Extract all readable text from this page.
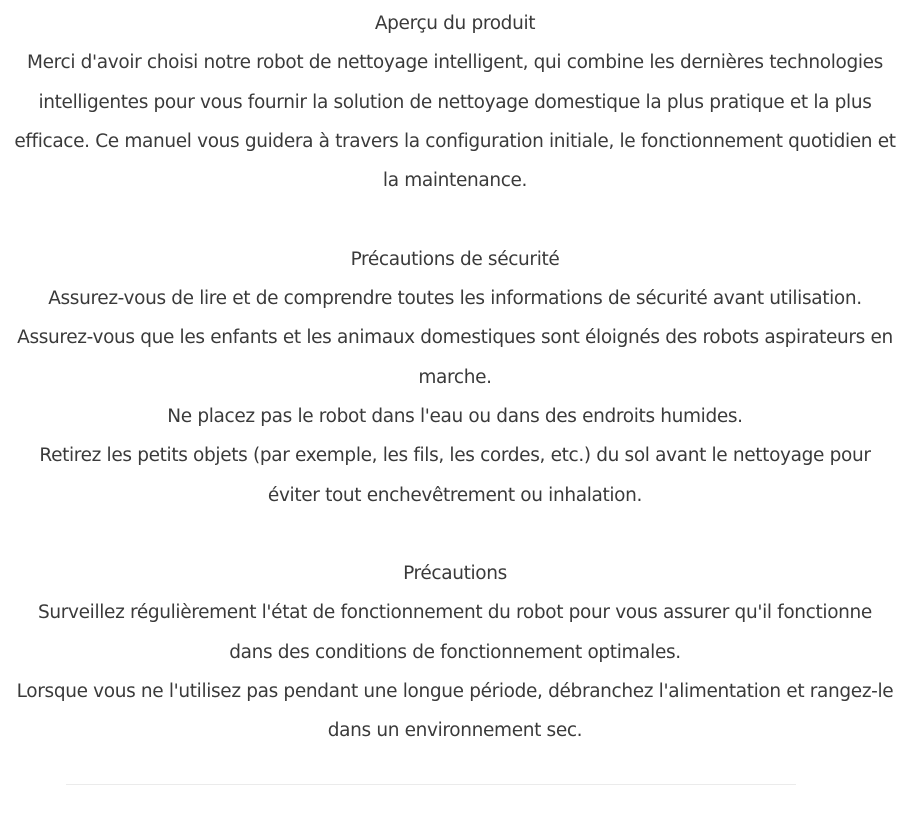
Aperçu du produit

Merci d'avoir choisi notre robot de nettoyage intelligent, qui combine les dernières technologies intelligentes pour vous fournir la solution de nettoyage domestique la plus pratique et la plus efficace. Ce manuel vous guidera à travers la configuration initiale, le fonctionnement quotidien et la maintenance.

Précautions de sécurité

Assurez-vous de lire et de comprendre toutes les informations de sécurité avant utilisation.

Assurez-vous que les enfants et les animaux domestiques sont éloignés des robots aspirateurs en marche.

Ne placez pas le robot dans l'eau ou dans des endroits humides.

Retirez les petits objets (par exemple, les fils, les cordes, etc.) du sol avant le nettoyage pour éviter tout enchevêtrement ou inhalation.

Précautions

Surveillez régulièrement l'état de fonctionnement du robot pour vous assurer qu'il fonctionne dans des conditions de fonctionnement optimales.

Lorsque vous ne l'utilisez pas pendant une longue période, débranchez l'alimentation et rangez-le dans un environnement sec.
